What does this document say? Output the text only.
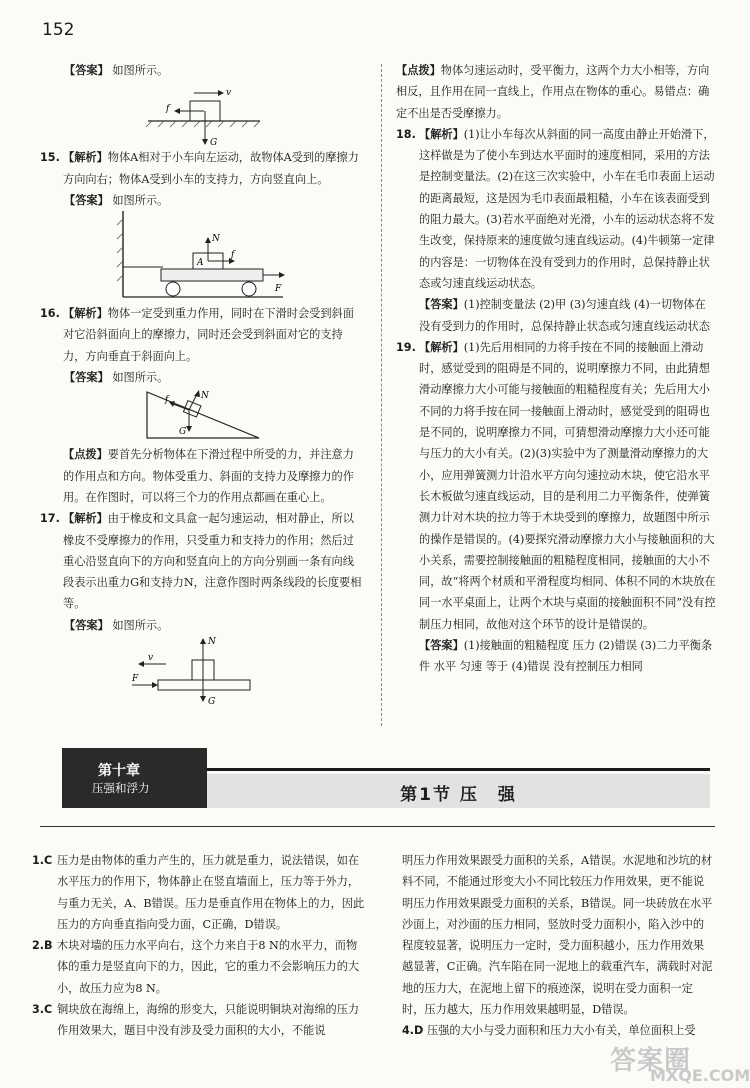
152
【答案】 如图所示。
v
f
G

15. 【解析】物体A相对于小车向左运动，故物体A受到的摩擦力方向向右；物体A受到小车的支持力，方向竖直向上。

【答案】 如图所示。
A
N
f
F

16. 【解析】物体一定受到重力作用，同时在下滑时会受到斜面对它沿斜面向上的摩擦力，同时还会受到斜面对它的支持力，方向垂直于斜面向上。

【答案】 如图所示。
N
f
G

【点拨】要首先分析物体在下滑过程中所受的力，并注意力的作用点和方向。物体受重力、斜面的支持力及摩擦力的作用。在作图时，可以将三个力的作用点都画在重心上。

17. 【解析】由于橡皮和文具盒一起匀速运动，相对静止，所以橡皮不受摩擦力的作用，只受重力和支持力的作用；然后过重心沿竖直向下的方向和竖直向上的方向分别画一条有向线段表示出重力G和支持力N，注意作图时两条线段的长度要相等。

【答案】 如图所示。
N
G
v
F

【点拨】物体匀速运动时，受平衡力，这两个力大小相等，方向相反，且作用在同一直线上，作用点在物体的重心。易错点：确定不出是否受摩擦力。

18. 【解析】(1)让小车每次从斜面的同一高度由静止开始滑下，这样做是为了使小车到达水平面时的速度相同，采用的方法是控制变量法。(2)在这三次实验中，小车在毛巾表面上运动的距离最短，这是因为毛巾表面最粗糙，小车在该表面受到的阻力最大。(3)若水平面绝对光滑，小车的运动状态将不发生改变，保持原来的速度做匀速直线运动。(4)牛顿第一定律的内容是：一切物体在没有受到力的作用时，总保持静止状态或匀速直线运动状态。

【答案】(1)控制变量法 (2)甲 (3)匀速直线 (4)一切物体在没有受到力的作用时，总保持静止状态或匀速直线运动状态

19. 【解析】(1)先后用相同的力将手按在不同的接触面上滑动时，感觉受到的阻碍是不同的，说明摩擦力不同，由此猜想滑动摩擦力大小可能与接触面的粗糙程度有关；先后用大小不同的力将手按在同一接触面上滑动时，感觉受到的阻碍也是不同的，说明摩擦力不同，可猜想滑动摩擦力大小还可能与压力的大小有关。(2)(3)实验中为了测量滑动摩擦力的大小，应用弹簧测力计沿水平方向匀速拉动木块，使它沿水平长木板做匀速直线运动，目的是利用二力平衡条件，使弹簧测力计对木块的拉力等于木块受到的摩擦力，故题图中所示的操作是错误的。(4)要探究滑动摩擦力大小与接触面积的大小关系，需要控制接触面的粗糙程度相同，接触面的大小不同，故“将两个材质和平滑程度均相同、体积不同的木块放在同一水平桌面上，让两个木块与桌面的接触面积不同”没有控制压力相同，故他对这个环节的设计是错误的。

【答案】(1)接触面的粗糙程度 压力 (2)错误 (3)二力平衡条件 水平 匀速 等于 (4)错误 没有控制压力相同

第十章
压强和浮力	第1节 压　强

1.C 压力是由物体的重力产生的，压力就是重力，说法错误，如在水平压力的作用下，物体静止在竖直墙面上，压力等于外力，与重力无关，A、B错误。压力是垂直作用在物体上的力，因此压力的方向垂直指向受力面，C正确，D错误。

2.B 木块对墙的压力水平向右，这个力来自于8 N的水平力，而物体的重力是竖直向下的力，因此，它的重力不会影响压力的大小，故压力应为8 N。

3.C 铜块放在海绵上，海绵的形变大，只能说明铜块对海绵的压力作用效果大，题目中没有涉及受力面积的大小，不能说

明压力作用效果跟受力面积的关系，A错误。水泥地和沙坑的材料不同，不能通过形变大小不同比较压力作用效果，更不能说明压力作用效果跟受力面积的关系，B错误。同一块砖放在水平沙面上，对沙面的压力相同，竖放时受力面积小，陷入沙中的程度较显著，说明压力一定时，受力面积越小，压力作用效果越显著，C正确。汽车陷在同一泥地上的载重汽车，满载时对泥地的压力大，在泥地上留下的痕迹深，说明在受力面积一定时，压力越大，压力作用效果越明显，D错误。

4.D 压强的大小与受力面积和压力大小有关，单位面积上受

答案圈
MXQE.COM
